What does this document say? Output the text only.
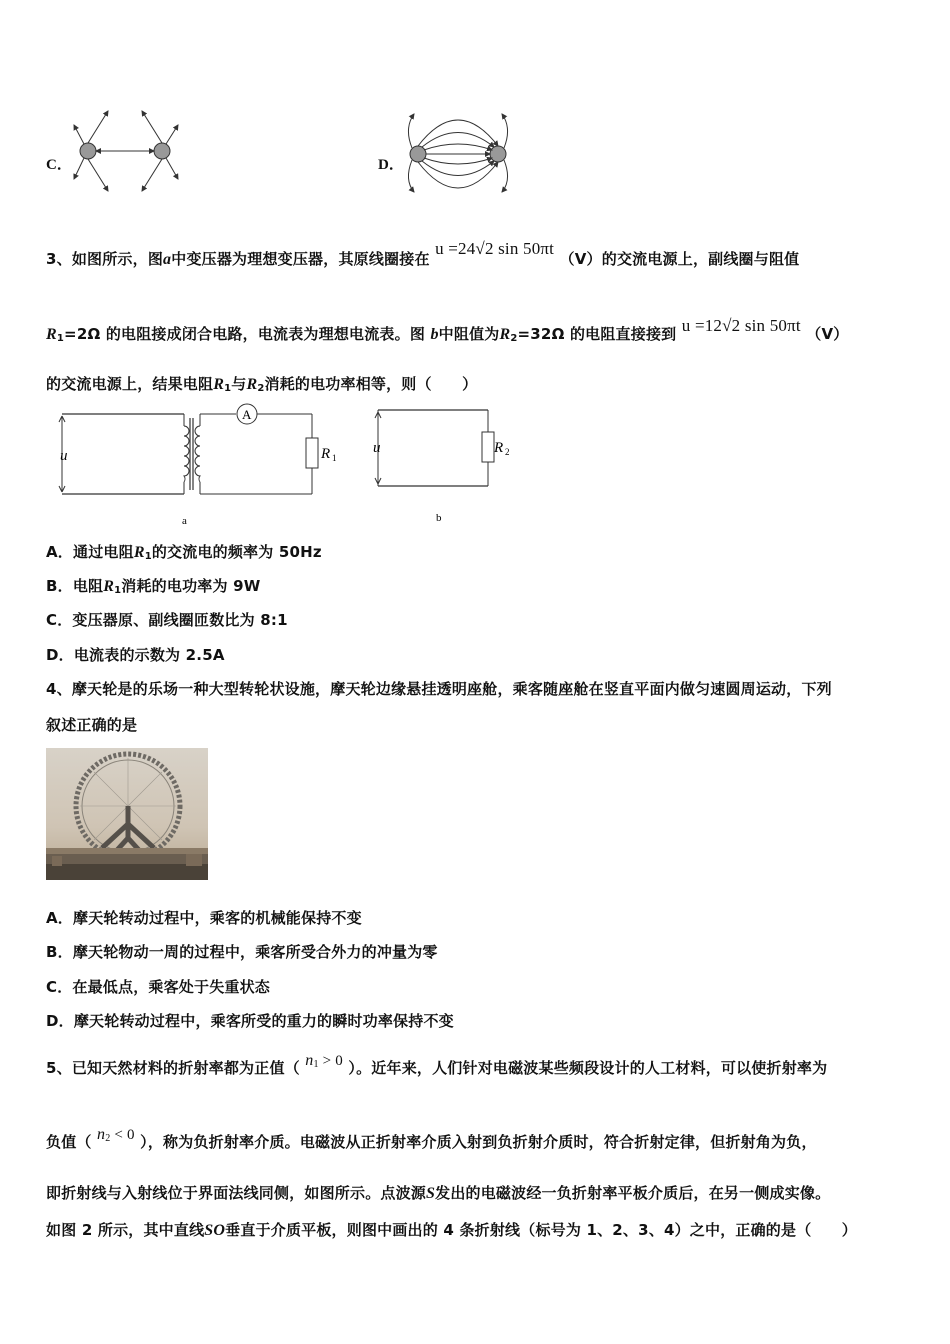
C．	D．
3、如图所示，图a中变压器为理想变压器，其原线圈接在 u =24√2 sin 50πt （V）的交流电源上，副线圈与阻值
$R_1=2\Omega$ 的电阻接成闭合电路，电流表为理想电流表。图 b中阻值为$R_2=32\Omega$ 的电阻直接接到 u =12√2 sin 50πt （V）
的交流电源上，结果电阻$R_1$与$R_2$消耗的电功率相等，则（　　）
u
A
R 1
a
u	R 2
b
A．通过电阻$R_1$的交流电的频率为 50Hz
B．电阻$R_1$消耗的电功率为 9W
C．变压器原、副线圈匝数比为 8:1
D．电流表的示数为 2.5A
4、摩天轮是的乐场一种大型转轮状设施，摩天轮边缘悬挂透明座舱，乘客随座舱在竖直平面内做匀速圆周运动，下列
叙述正确的是
A．摩天轮转动过程中，乘客的机械能保持不变
B．摩天轮物动一周的过程中，乘客所受合外力的冲量为零
C．在最低点，乘客处于失重状态
D．摩天轮转动过程中，乘客所受的重力的瞬时功率保持不变
5、已知天然材料的折射率都为正值（ $n_1 > 0$ ）。近年来，人们针对电磁波某些频段设计的人工材料，可以使折射率为
负值（ $n_2 < 0$ ），称为负折射率介质。电磁波从正折射率介质入射到负折射介质时，符合折射定律，但折射角为负，
即折射线与入射线位于界面法线同侧，如图所示。点波源S发出的电磁波经一负折射率平板介质后，在另一侧成实像。
如图 2 所示，其中直线SO垂直于介质平板，则图中画出的 4 条折射线（标号为 1、2、3、4）之中，正确的是（　　）
